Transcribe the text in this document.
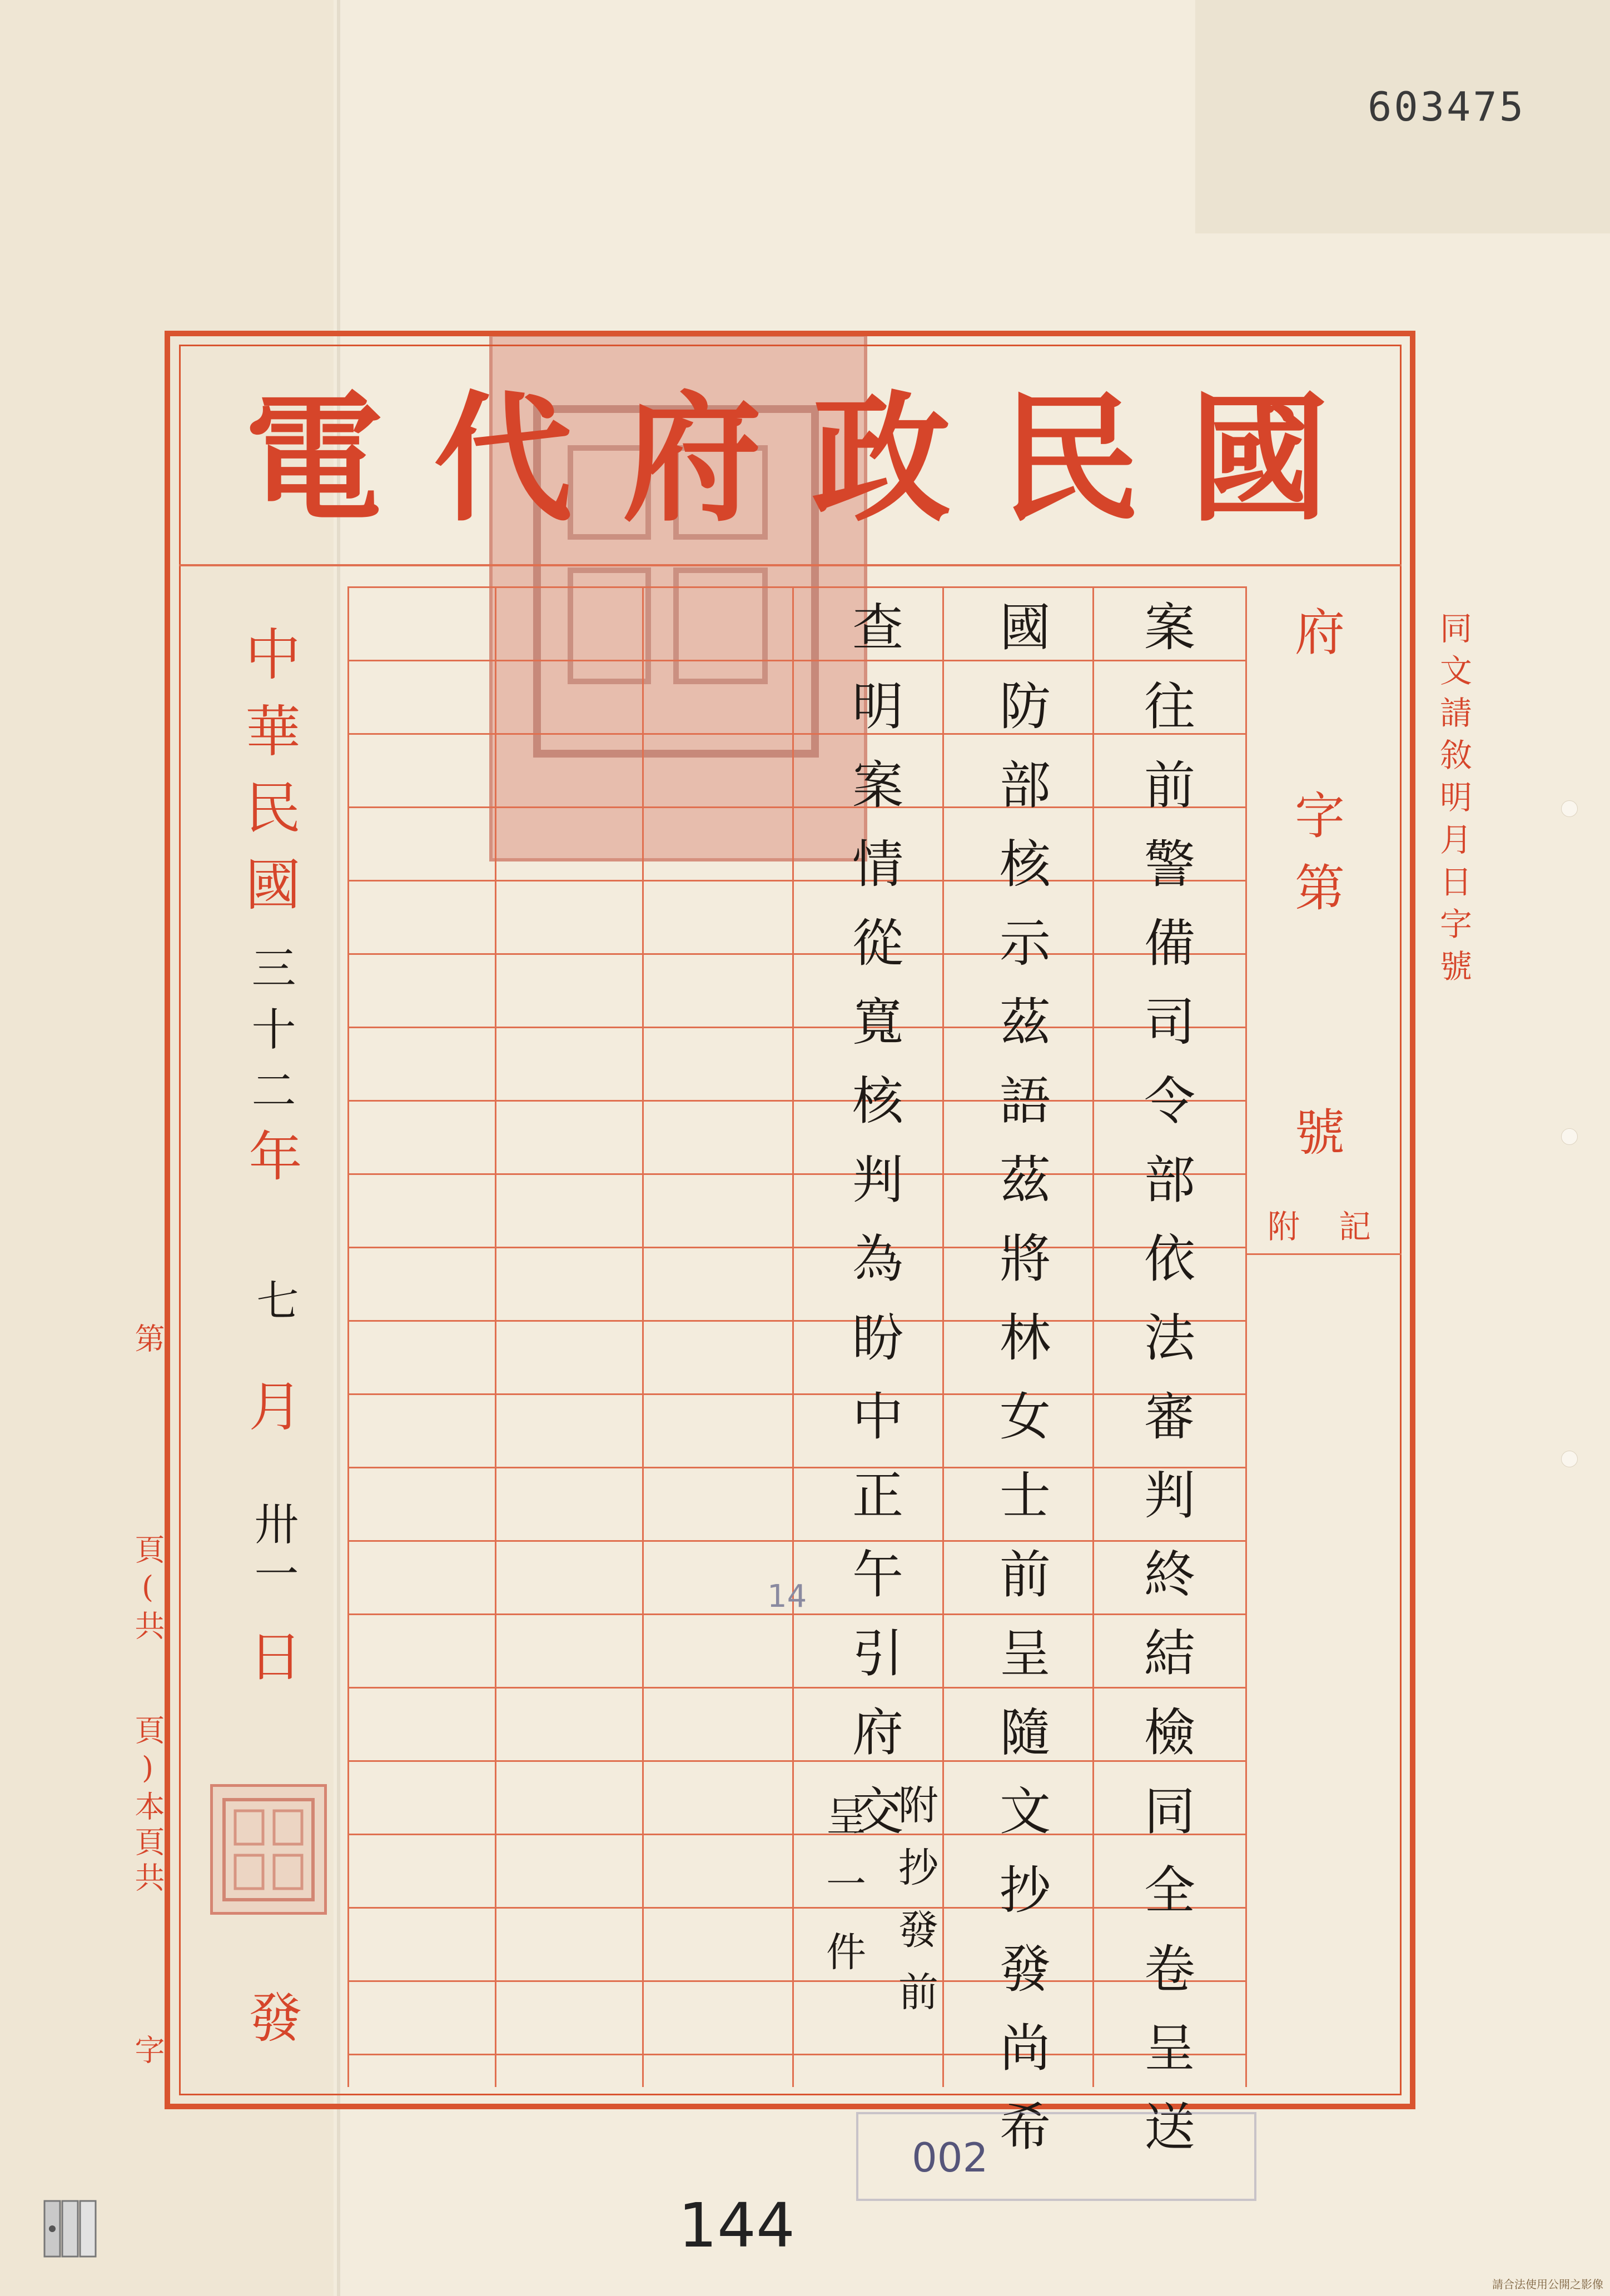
603475
國
民
政
府
代
電
府
字第
號
附記
同文請敘明月日字號
中華民國
三十二
年
七
月
卅一
日
發
第
頁(共
頁)本頁共
字	案往前警備司令部依法審判終結檢同全卷呈送
國防部核示茲語茲將林女士前呈隨文抄發尚希
查明案情從寬核判為盼中正午引府交
附抄發前
呈一件
14
002
144
請合法使用公開之影像
